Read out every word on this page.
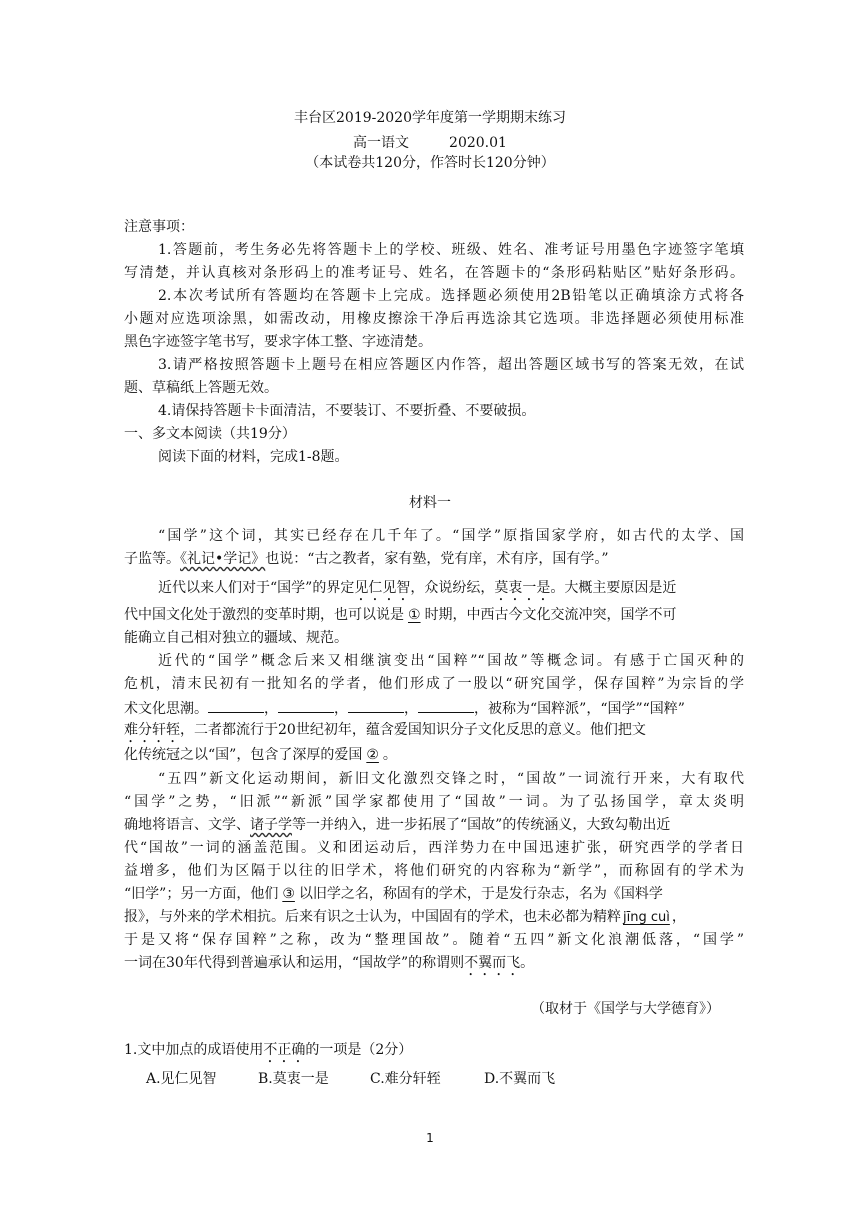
丰台区2019-2020学年度第一学期期末练习
高一语文	2020.01
（本试卷共120分，作答时长120分钟）
注意事项：
1.答题前，考生务必先将答题卡上的学校、班级、姓名、准考证号用墨色字迹签字笔填
写清楚，并认真核对条形码上的准考证号、姓名，在答题卡的“条形码粘贴区”贴好条形码。
2.本次考试所有答题均在答题卡上完成。选择题必须使用2B铅笔以正确填涂方式将各
小题对应选项涂黑，如需改动，用橡皮擦涂干净后再选涂其它选项。非选择题必须使用标准
黑色字迹签字笔书写，要求字体工整、字迹清楚。
3.请严格按照答题卡上题号在相应答题区内作答，超出答题区域书写的答案无效，在试
题、草稿纸上答题无效。
4.请保持答题卡卡面清洁，不要装订、不要折叠、不要破损。
一、多文本阅读（共19分）
阅读下面的材料，完成1-8题。
材料一
“国学”这个词，其实已经存在几千年了。“国学”原指国家学府，如古代的太学、国
子监等。《礼记•学记》也说：“古之教者，家有塾，党有庠，术有序，国有学。”
近代以来人们对于“国学”的界定见仁见智，众说纷纭，莫衷一是。大概主要原因是近
代中国文化处于激烈的变革时期，也可以说是 ① 时期，中西古今文化交流冲突，国学不可
能确立自己相对独立的疆域、规范。
近代的“国学”概念后来又相继演变出“国粹”“国故”等概念词。有感于亡国灭种的
危机，清末民初有一批知名的学者，他们形成了一股以“研究国学，保存国粹”为宗旨的学
术文化思潮。	，	，	，	，被称为“国粹派”，“国学”“国粹”
难分轩轾，二者都流行于20世纪初年，蕴含爱国知识分子文化反思的意义。他们把文
化传统冠之以“国”，包含了深厚的爱国 ② 。
“五四”新文化运动期间，新旧文化激烈交锋之时，“国故”一词流行开来，大有取代
“国学”之势，“旧派”“新派”国学家都使用了“国故”一词。为了弘扬国学，章太炎明
确地将语言、文学、诸子学等一并纳入，进一步拓展了“国故”的传统涵义，大致勾勒出近
代“国故”一词的涵盖范围。义和团运动后，西洋势力在中国迅速扩张，研究西学的学者日
益增多，他们为区隔于以往的旧学术，将他们研究的内容称为“新学”，而称固有的学术为
“旧学”；另一方面，他们 ③ 以旧学之名，称固有的学术，于是发行杂志，名为《国料学
报》，与外来的学术相抗。后来有识之士认为，中国固有的学术，也未必都为精粹 jīng cuì ，
于是又将“保存国粹”之称，改为“整理国故”。随着“五四”新文化浪潮低落，“国学”
一词在30年代得到普遍承认和运用，“国故学”的称谓则不翼而飞。
（取材于《国学与大学德育》）
1.文中加点的成语使用不正确的一项是（2分）
A.见仁见智	B.莫衷一是	C.难分轩轾	D.不翼而飞
1
